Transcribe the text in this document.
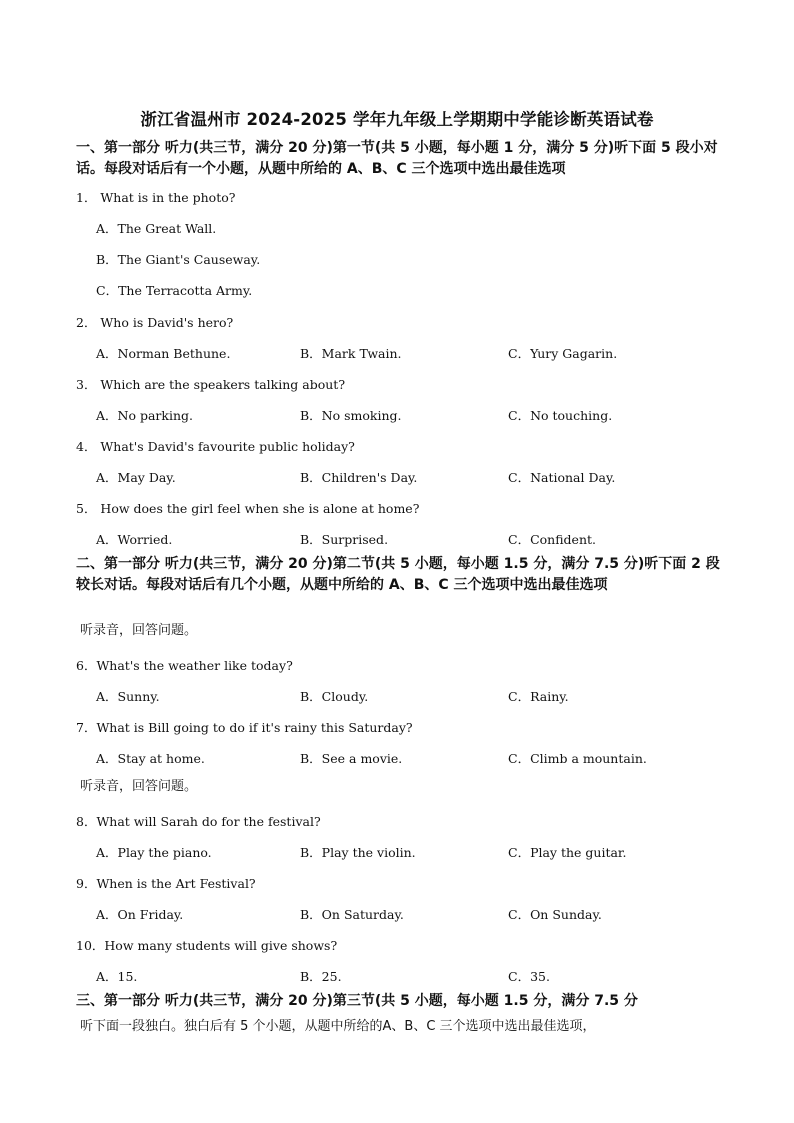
浙江省温州市 2024-2025 学年九年级上学期期中学能诊断英语试卷
一、第一部分 听力(共三节，满分 20 分)第一节(共 5 小题，每小题 1 分，满分 5 分)听下面 5 段小对话。每段对话后有一个小题，从题中所给的 A、B、C 三个选项中选出最佳选项
1． What is in the photo?
A．The Great Wall.
B．The Giant's Causeway.
C．The Terracotta Army.
2． Who is David's hero?
A．Norman Bethune.	B．Mark Twain.	C．Yury Gagarin.
3． Which are the speakers talking about?
A．No parking.	B．No smoking.	C．No touching.
4． What's David's favourite public holiday?
A．May Day.	B．Children's Day.	C．National Day.
5． How does the girl feel when she is alone at home?
A．Worried.	B．Surprised.	C．Confident.
二、第一部分 听力(共三节，满分 20 分)第二节(共 5 小题，每小题 1.5 分，满分 7.5 分)听下面 2 段较长对话。每段对话后有几个小题，从题中所给的 A、B、C 三个选项中选出最佳选项
听录音，回答问题。
6．What's the weather like today?
A．Sunny.	B．Cloudy.	C．Rainy.
7．What is Bill going to do if it's rainy this Saturday?
A．Stay at home.	B．See a movie.	C．Climb a mountain.
听录音，回答问题。
8．What will Sarah do for the festival?
A．Play the piano.	B．Play the violin.	C．Play the guitar.
9．When is the Art Festival?
A．On Friday.	B．On Saturday.	C．On Sunday.
10．How many students will give shows?
A．15.	B．25.	C．35.
三、第一部分 听力(共三节，满分 20 分)第三节(共 5 小题，每小题 1.5 分，满分 7.5 分
听下面一段独白。独白后有 5 个小题，从题中所给的A、B、C 三个选项中选出最佳选项，
